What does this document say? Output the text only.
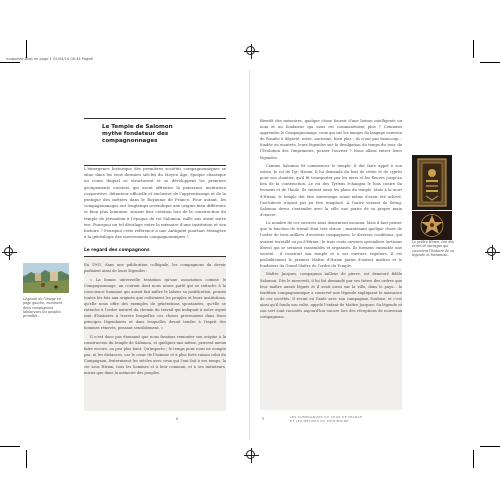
maquette-Bilat en page 1 02/04/10 08:34 Page8
Le Temple de Salomon
mythe fondateur des compagnonnages

L'émergence historique des premières sociétés compagnonniques se situe dans les trois derniers siècles du Moyen Âge, époque chaotique au cours duquel se structurent et se développent les premiers groupements ouvriers qui osent affronter la puissance institution corporative, détenteur officielle et exclusive de l'apprentissage et de la pratique des métiers dans le Royaume de France. Pour autant, les compagnonnages ont longtemps revendiqué une origine bien différente et bien plus lointaine, situant leur création lors de la construction du temple de Jérusalem à l'époque du roi Salomon, mille ans avant notre ère. Pourquoi un tel décalage entre la mémoire d'une institution et son histoire ? Pourquoi cette référence à une Antiquité pourtant étrangère à la généalogie des mouvements compagnonniques ?

Le regard des compagnons

En 1901, dans une publication collégiale, les compagnons du devoir parlaient ainsi de leurs légendes :

« La bonne universelle tentation qu'une association comme le Compagnonnage, un courant dont nous avons parlé qui se rattache à la conscience humaine qui aurait fait naître le labeur sa justification, pensez toutes les fois aux origines que cultivaient les peuples et leurs institutions, qu'elle nous offre des exemples de générations spontanées, qu'elle se rattache à l'ordre naturel du chemin du travail qui indiquait à notre esprit tant d'histoires à travers lesquelles ces choses provenaient dans leurs principes légendaires et dans lesquelles devait tendre à l'esprit des hommes rénovés, pensant sensiblement. »

Il n'est donc pas étonnant que nous fassions remonter son origine à la construction du temple de Salomon, et quelques-uns même, peuvent mieux faire encore, on peu plus haut. Qu'importe ; le temps pour nous ne compte pas, ni les distances, car le cœur de l'homme et à plus forte raison celui du Compagnon, fraternisent les siècles avec ceux qui l'ont fait à ses temps, la vie sous Hiram, tous les hommes et à leur commun, et à ses initiateurs, mieux que dans la mémoire des peuples.

Légende de l'image en page gauche, montrant deux compagnons laboureurs les peuples primitifs...
8

Bientôt des mémoires, quelque chose fournir d'une liaison intelligente un nom et un fondateur qui nous est communément plus ? Comment apprendre le Compagnonnage, ceux qui sur les images du langage nouveau de Rosalie à déporté, mère, ancienne, bien plus ; ils n'ont pas beaucoup... fondée en montrés, leurs légendes sur la divulgation du temps du tour, de l'Évolution des l'imprimerie, penser l'ouvrier ? Nous allons entrer leurs légendes.

Comme Salomon fit commencer le temple, il dut faire appel à son voisin, le roi de Tyr, Hiram. Il lui demanda du bois de cèdre et de cyprès pour son chantier, qu'il fit transporter par les mers et les fleuves jusqu'au lieu de la construction. Le roi des Tyriens échangea le bois contre du froment et de l'huile. Ils vinrent aussi les plans du temple. Mais à la mort d'Hiram, le temple dut être interrompu avant même d'avoir été achevé, l'architecte n'ayant pas pu être remplacé. À l'autre versant de Sérug, Salomon devra s'entendre avec la ville une partie de sa propre main d'œuvre.

Le nombre de ces ouvriers nous demeurent inconnu. Mais il faut penser que la fonction de travail était très stricte ; maintenant quelque chose de l'ordre de trois milliers d'ouvriers compagnons, le diverses conditions, qui avaient travaillé ou pu d'Hiram ; le trois cents ouvriers spécialisés (artisans libres) qui se seraient rassemblés et organisés. Ils forment ensemble une société... il construit son temple et à ses ouvriers réguliers. Il est probablement le premier Maître d'Hiram parmi d'autres maîtres et le fondateur du Grand Maître de l'ordre du Temple.

Maître Jacques, compagnon tailleur de pierre, est demeuré fidèle Salomon. Dès le mercredi, il lui fut demandé par ses frères des ordres que leur maître aurait légués et il avait aussi sur la ville, dans le pays... la tradition compagnonnique a conservé une légende expliquant la naissance de ces sociétés. Il revint en Gaule avec son compagnon Soubise, et c'est ainsi qu'il fonda son culte, appelé l'enfant de Maître Jacques. Sa légende et son sort sont racontés aujourd'hui encore lors des réceptions de nouveaux compagnons.

Le prêtre Hiram, tiré des écrits et ouvrages qui racontent l'histoire de sa légende et transmise...
9	LES COMPAGNONS DU TOUR DE FRANCE
ET LES MÉTIERS DU PATRIMOINE
